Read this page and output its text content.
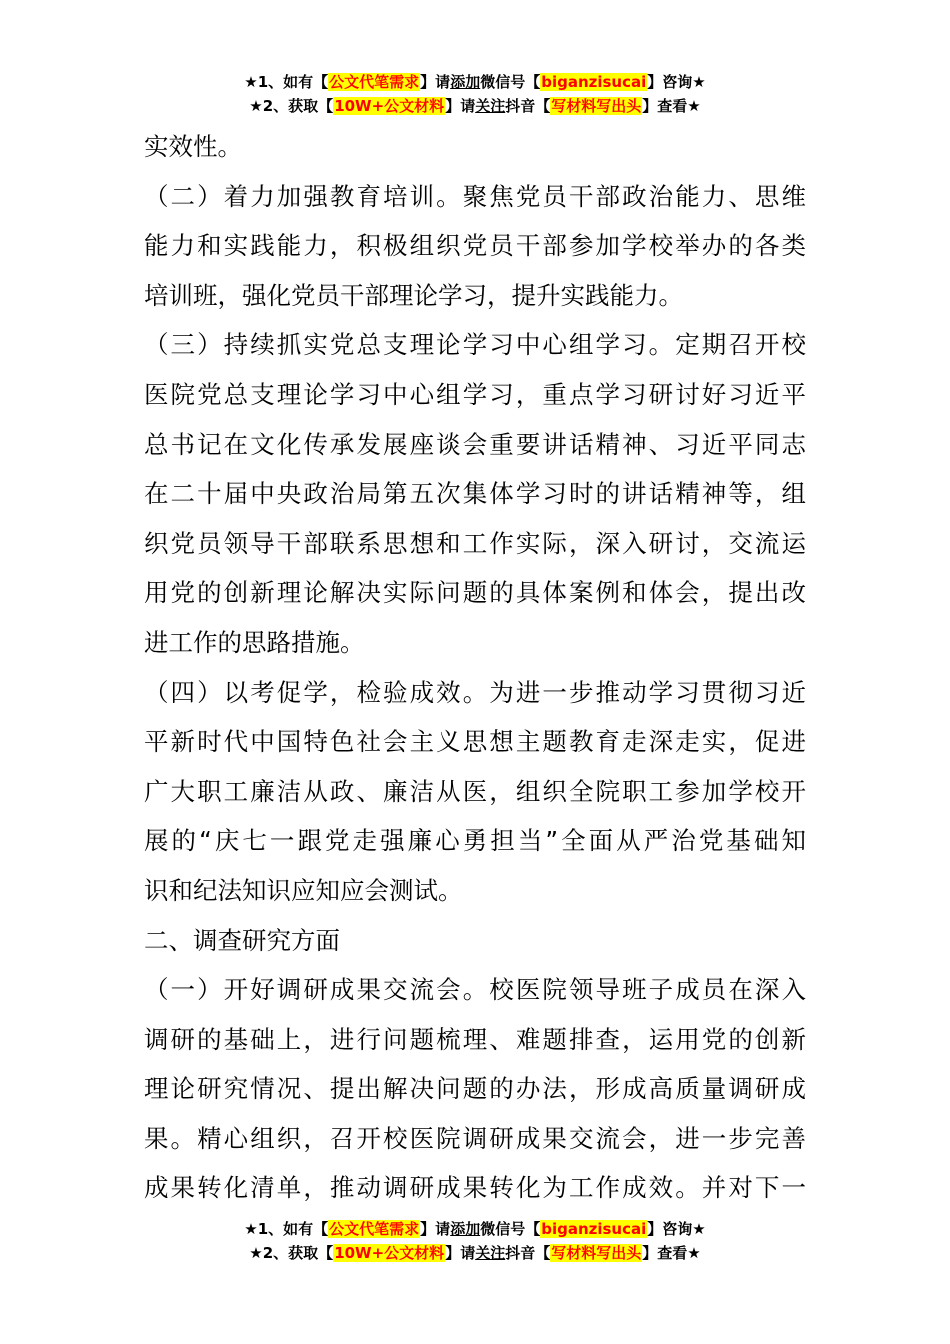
★1、如有【公文代笔需求】请添加微信号【biganzisucai】咨询★
★2、获取【10W+公文材料】请关注抖音【写材料写出头】查看★
实效性。
（二）着力加强教育培训。聚焦党员干部政治能力、思维
能力和实践能力，积极组织党员干部参加学校举办的各类
培训班，强化党员干部理论学习，提升实践能力。
（三）持续抓实党总支理论学习中心组学习。定期召开校
医院党总支理论学习中心组学习，重点学习研讨好习近平
总书记在文化传承发展座谈会重要讲话精神、习近平同志
在二十届中央政治局第五次集体学习时的讲话精神等，组
织党员领导干部联系思想和工作实际，深入研讨，交流运
用党的创新理论解决实际问题的具体案例和体会，提出改
进工作的思路措施。
（四）以考促学，检验成效。为进一步推动学习贯彻习近
平新时代中国特色社会主义思想主题教育走深走实，促进
广大职工廉洁从政、廉洁从医，组织全院职工参加学校开
展的“庆七一跟党走强廉心勇担当”全面从严治党基础知
识和纪法知识应知应会测试。
二、调查研究方面
（一）开好调研成果交流会。校医院领导班子成员在深入
调研的基础上，进行问题梳理、难题排查，运用党的创新
理论研究情况、提出解决问题的办法，形成高质量调研成
果。精心组织，召开校医院调研成果交流会，进一步完善
成果转化清单，推动调研成果转化为工作成效。并对下一
★1、如有【公文代笔需求】请添加微信号【biganzisucai】咨询★
★2、获取【10W+公文材料】请关注抖音【写材料写出头】查看★
